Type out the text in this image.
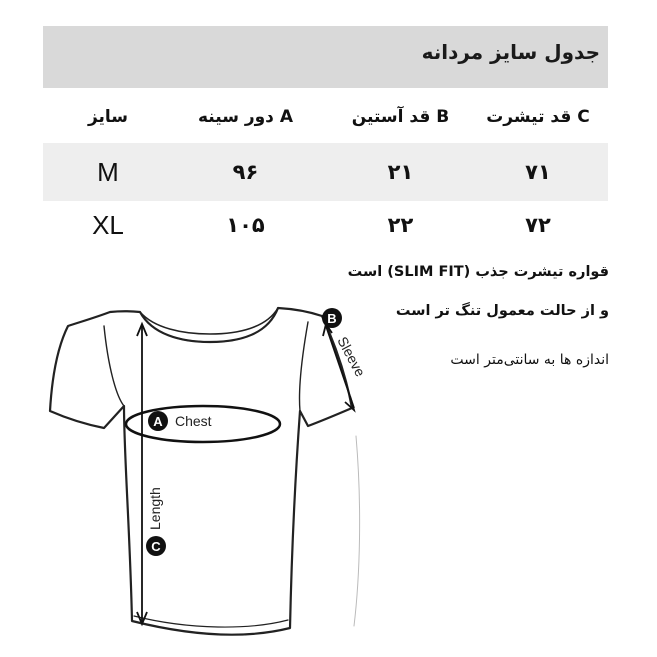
جدول سایز مردانه
سایز	A دور سینه	B قد آستین	C قد تیشرت
M	۹۶	۲۱	۷۱
XL	۱۰۵	۲۲	۷۲
قواره تیشرت جذب (SLIM FIT) است
و از حالت معمول تنگ تر است
اندازه ها به سانتی‌متر است
A Chest
B
Sleeve
C
Length
